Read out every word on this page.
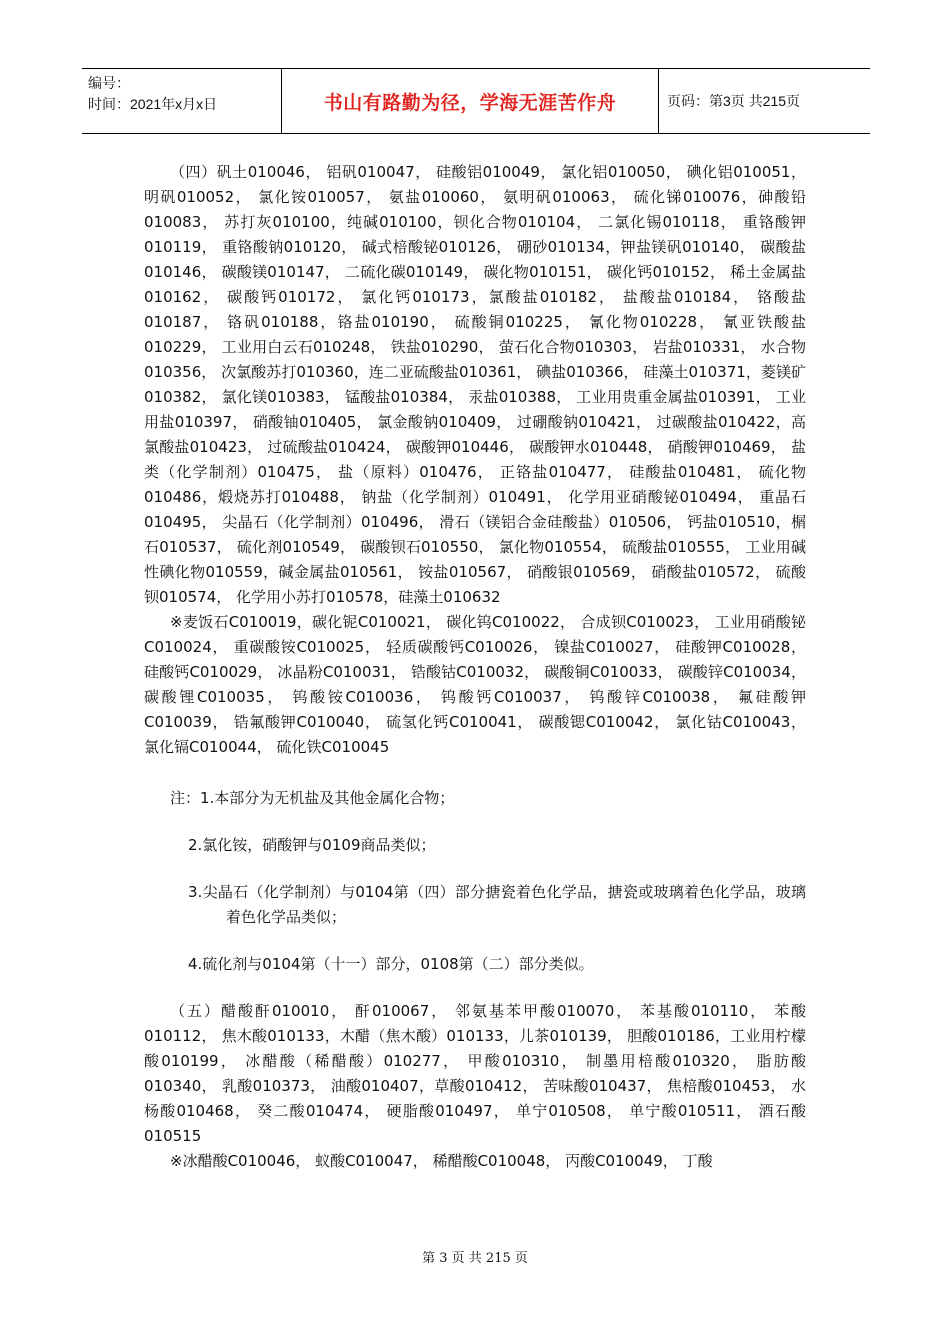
编号：
时间：2021年x月x日	书山有路勤为径，学海无涯苦作舟	页码：第3页 共215页

（四）矾土010046， 铝矾010047， 硅酸铝010049， 氯化铝010050， 碘化铝010051， 明矾010052， 氯化铵010057， 氨盐010060， 氨明矾010063， 硫化锑010076，砷酸铅010083， 苏打灰010100，纯碱010100，钡化合物010104， 二氯化锡010118， 重铬酸钾010119， 重铬酸钠010120， 碱式棓酸铋010126， 硼砂010134，钾盐镁矾010140， 碳酸盐010146， 碳酸镁010147， 二硫化碳010149， 碳化物010151， 碳化钙010152， 稀土金属盐010162， 碳酸钙010172， 氯化钙010173，氯酸盐010182， 盐酸盐010184， 铬酸盐010187， 铬矾010188，铬盐010190， 硫酸铜010225， 氰化物010228， 氰亚铁酸盐010229， 工业用白云石010248， 铁盐010290， 萤石化合物010303， 岩盐010331， 水合物010356， 次氯酸苏打010360，连二亚硫酸盐010361， 碘盐010366， 硅藻土010371，菱镁矿010382， 氯化镁010383， 锰酸盐010384， 汞盐010388， 工业用贵重金属盐010391， 工业用盐010397， 硝酸铀010405， 氯金酸钠010409， 过硼酸钠010421， 过碳酸盐010422，高氯酸盐010423， 过硫酸盐010424， 碳酸钾010446， 碳酸钾水010448， 硝酸钾010469， 盐类（化学制剂）010475， 盐（原料）010476， 正铬盐010477， 硅酸盐010481， 硫化物010486，煅烧苏打010488， 钠盐（化学制剂）010491， 化学用亚硝酸铋010494， 重晶石010495， 尖晶石（化学制剂）010496， 滑石（镁铝合金硅酸盐）010506， 钙盐010510，榍石010537， 硫化剂010549， 碳酸钡石010550， 氯化物010554， 硫酸盐010555， 工业用碱性碘化物010559，碱金属盐010561， 铵盐010567， 硝酸银010569， 硝酸盐010572， 硫酸钡010574， 化学用小苏打010578，硅藻土010632

※麦饭石C010019，碳化铌C010021， 碳化钨C010022， 合成钡C010023， 工业用硝酸铋C010024， 重碳酸铵C010025， 轻质碳酸钙C010026， 镍盐C010027， 硅酸钾C010028， 硅酸钙C010029， 冰晶粉C010031， 锆酸钴C010032， 碳酸铜C010033， 碳酸锌C010034， 碳酸锂C010035， 钨酸铵C010036， 钨酸钙C010037， 钨酸锌C010038， 氟硅酸钾C010039， 锆氟酸钾C010040， 硫氢化钙C010041， 碳酸锶C010042， 氯化钴C010043， 氯化镉C010044， 硫化铁C010045

注：1.本部分为无机盐及其他金属化合物；

2.氯化铵，硝酸钾与0109商品类似；

3.尖晶石（化学制剂）与0104第（四）部分搪瓷着色化学品，搪瓷或玻璃着色化学品，玻璃着色化学品类似；

4.硫化剂与0104第（十一）部分，0108第（二）部分类似。

（五）醋酸酐010010， 酐010067， 邻氨基苯甲酸010070， 苯基酸010110， 苯酸010112， 焦木酸010133，木醋（焦木酸）010133，儿茶010139， 胆酸010186，工业用柠檬酸010199， 冰醋酸（稀醋酸）010277， 甲酸010310， 制墨用棓酸010320， 脂肪酸010340， 乳酸010373， 油酸010407，草酸010412， 苦味酸010437， 焦棓酸010453， 水杨酸010468， 癸二酸010474， 硬脂酸010497， 单宁010508， 单宁酸010511， 酒石酸010515

※冰醋酸C010046， 蚁酸C010047， 稀醋酸C010048， 丙酸C010049， 丁酸

第 3 页 共 215 页
